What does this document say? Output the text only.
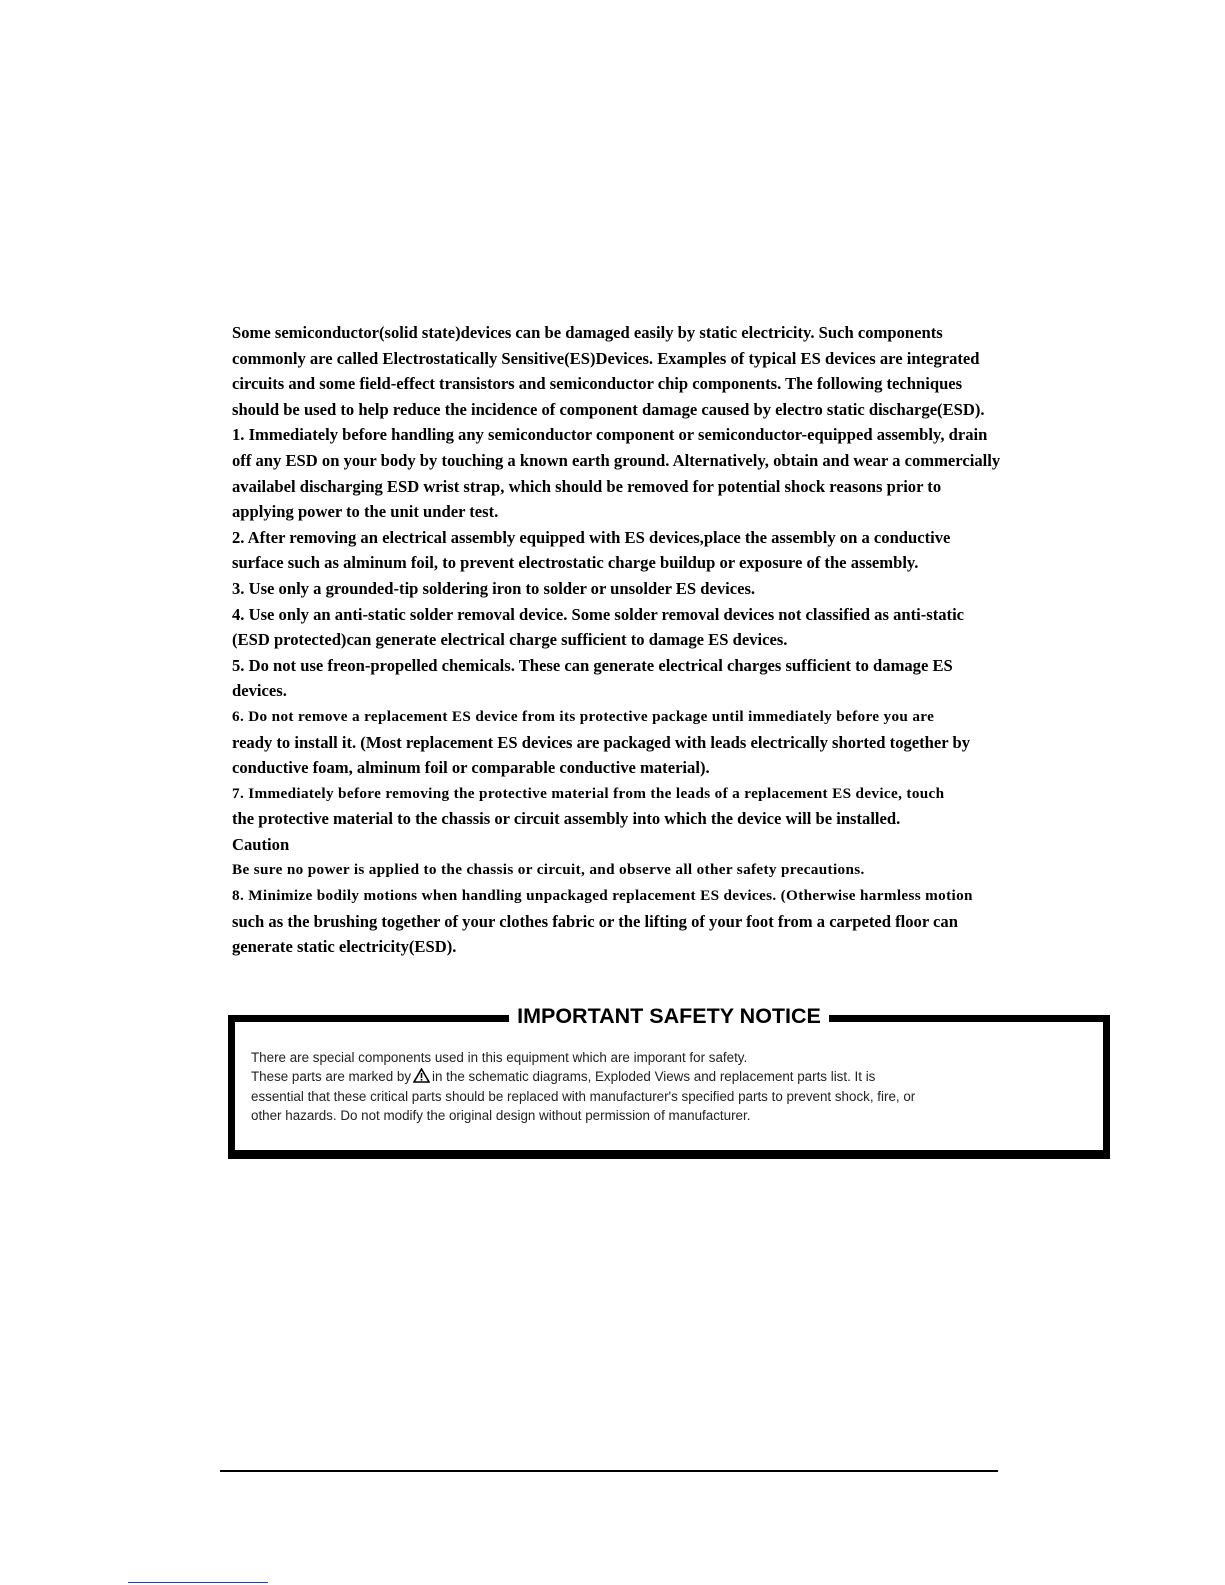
Some semiconductor(solid state)devices can be damaged easily by static electricity. Such components
commonly are called Electrostatically Sensitive(ES)Devices. Examples of typical ES devices are integrated
circuits and some field-effect transistors and semiconductor chip components. The following techniques
should be used to help reduce the incidence of component damage caused by electro static discharge(ESD).
1. Immediately before handling any semiconductor component or semiconductor-equipped assembly, drain
off any ESD on your body by touching a known earth ground. Alternatively, obtain and wear a commercially
availabel discharging ESD wrist strap, which should be removed for potential shock reasons prior to
applying power to the unit under test.
2. After removing an electrical assembly equipped with ES devices,place the assembly on a conductive
surface such as alminum foil, to prevent electrostatic charge buildup or exposure of the assembly.
3. Use only a grounded-tip soldering iron to solder or unsolder ES devices.
4. Use only an anti-static solder removal device. Some solder removal devices not classified as anti-static
(ESD protected)can generate electrical charge sufficient to damage ES devices.
5. Do not use freon-propelled chemicals. These can generate electrical charges sufficient to damage ES
devices.
6. Do not remove a replacement ES device from its protective package until immediately before you are
ready to install it. (Most replacement ES devices are packaged with leads electrically shorted together by
conductive foam, alminum foil or comparable conductive material).
7. Immediately before removing the protective material from the leads of a replacement ES device, touch
the protective material to the chassis or circuit assembly into which the device will be installed.
Caution
Be sure no power is applied to the chassis or circuit, and observe all other safety precautions.
8. Minimize bodily motions when handling unpackaged replacement ES devices. (Otherwise harmless motion
such as the brushing together of your clothes fabric or the lifting of your foot from a carpeted floor can
generate static electricity(ESD).
IMPORTANT SAFETY NOTICE
There are special components used in this equipment which are imporant for safety.
These parts are marked by in the schematic diagrams, Exploded Views and replacement parts list. It is
essential that these critical parts should be replaced with manufacturer's specified parts to prevent shock, fire, or
other hazards. Do not modify the original design without permission of manufacturer.
